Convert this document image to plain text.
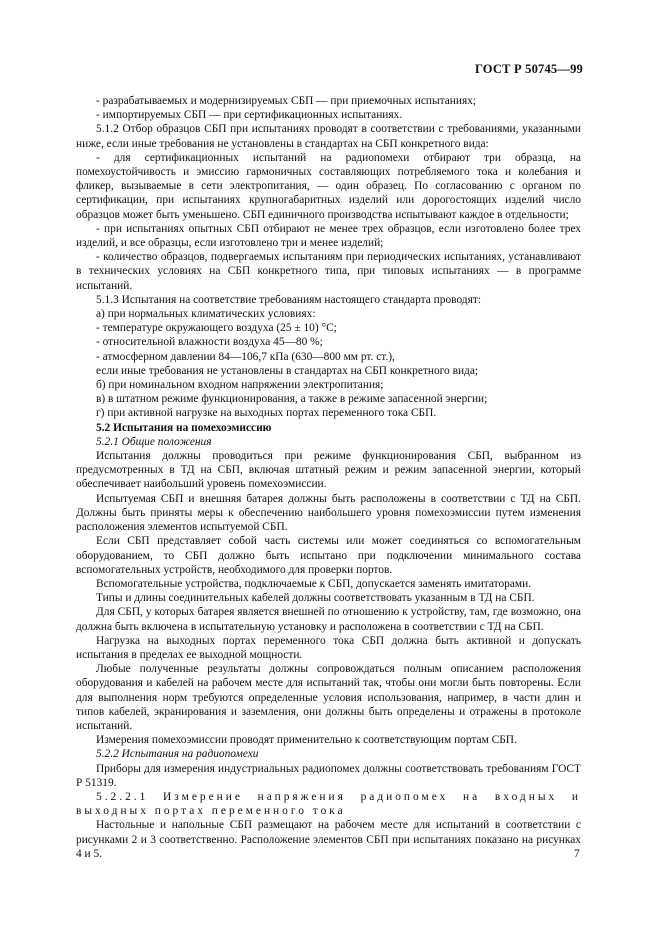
ГОСТ Р 50745—99

- разрабатываемых и модернизируемых СБП — при приемочных испытаниях;

- импортируемых СБП — при сертификационных испытаниях.

5.1.2 Отбор образцов СБП при испытаниях проводят в соответствии с требованиями, указанными ниже, если иные требования не установлены в стандартах на СБП конкретного вида:

- для сертификационных испытаний на радиопомехи отбирают три образца, на помехоустойчивость и эмиссию гармоничных составляющих потребляемого тока и колебания и фликер, вызываемые в сети электропитания, — один образец. По согласованию с органом по сертификации, при испытаниях крупногабаритных изделий или дорогостоящих изделий число образцов может быть уменьшено. СБП единичного производства испытывают каждое в отдельности;

- при испытаниях опытных СБП отбирают не менее трех образцов, если изготовлено более трех изделий, и все образцы, если изготовлено три и менее изделий;

- количество образцов, подвергаемых испытаниям при периодических испытаниях, устанавливают в технических условиях на СБП конкретного типа, при типовых испытаниях — в программе испытаний.

5.1.3 Испытания на соответствие требованиям настоящего стандарта проводят:

а) при нормальных климатических условиях:

- температуре окружающего воздуха (25 ± 10) °С;

- относительной влажности воздуха 45—80 %;

- атмосферном давлении 84—106,7 кПа (630—800 мм рт. ст.),

если иные требования не установлены в стандартах на СБП конкретного вида;

б) при номинальном входном напряжении электропитания;

в) в штатном режиме функционирования, а также в режиме запасенной энергии;

г) при активной нагрузке на выходных портах переменного тока СБП.

5.2 Испытания на помехоэмиссию

5.2.1 Общие положения

Испытания должны проводиться при режиме функционирования СБП, выбранном из предусмотренных в ТД на СБП, включая штатный режим и режим запасенной энергии, который обеспечивает наибольший уровень помехоэмиссии.

Испытуемая СБП и внешняя батарея должны быть расположены в соответствии с ТД на СБП. Должны быть приняты меры к обеспечению наибольшего уровня помехоэмиссии путем изменения расположения элементов испытуемой СБП.

Если СБП представляет собой часть системы или может соединяться со вспомогательным оборудованием, то СБП должно быть испытано при подключении минимального состава вспомогательных устройств, необходимого для проверки портов.

Вспомогательные устройства, подключаемые к СБП, допускается заменять имитаторами.

Типы и длины соединительных кабелей должны соответствовать указанным в ТД на СБП.

Для СБП, у которых батарея является внешней по отношению к устройству, там, где возможно, она должна быть включена в испытательную установку и расположена в соответствии с ТД на СБП.

Нагрузка на выходных портах переменного тока СБП должна быть активной и допускать испытания в пределах ее выходной мощности.

Любые полученные результаты должны сопровождаться полным описанием расположения оборудования и кабелей на рабочем месте для испытаний так, чтобы они могли быть повторены. Если для выполнения норм требуются определенные условия использования, например, в части длин и типов кабелей, экранирования и заземления, они должны быть определены и отражены в протоколе испытаний.

Измерения помехоэмиссии проводят применительно к соответствующим портам СБП.

5.2.2 Испытания на радиопомехи

Приборы для измерения индустриальных радиопомех должны соответствовать требованиям ГОСТ Р 51319.

5.2.2.1 Измерение напряжения радиопомех на входных и выходных портах переменного тока

Настольные и напольные СБП размещают на рабочем месте для испытаний в соответствии с рисунками 2 и 3 соответственно. Расположение элементов СБП при испытаниях показано на рисунках 4 и 5.	7
